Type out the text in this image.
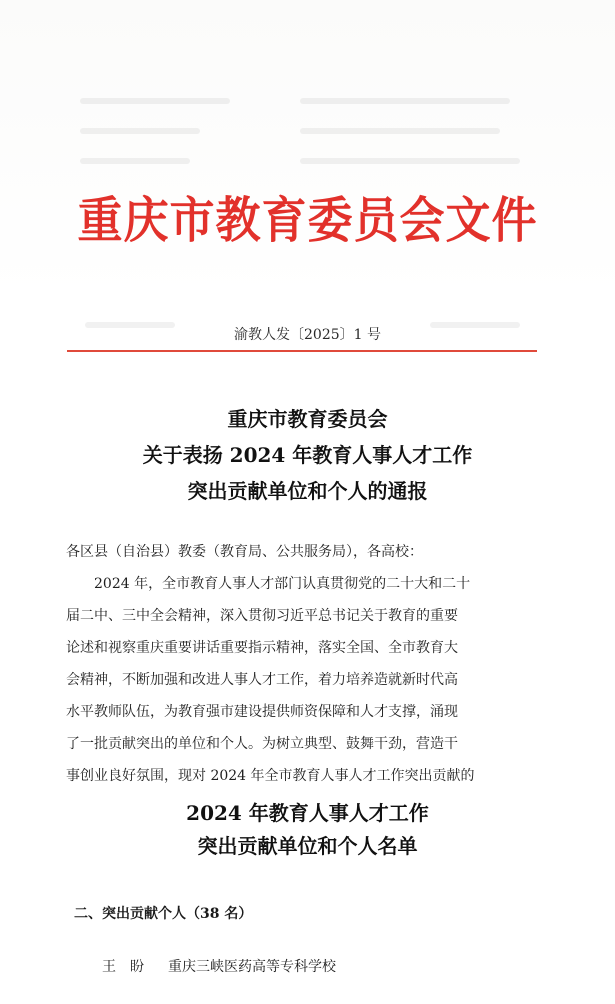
重庆市教育委员会文件
渝教人发〔2025〕1 号
重庆市教育委员会
关于表扬 2024 年教育人事人才工作
突出贡献单位和个人的通报
各区县（自治县）教委（教育局、公共服务局），各高校：
2024 年，全市教育人事人才部门认真贯彻党的二十大和二十
届二中、三中全会精神，深入贯彻习近平总书记关于教育的重要
论述和视察重庆重要讲话重要指示精神，落实全国、全市教育大
会精神，不断加强和改进人事人才工作，着力培养造就新时代高
水平教师队伍，为教育强市建设提供师资保障和人才支撑，涌现
了一批贡献突出的单位和个人。为树立典型、鼓舞干劲，营造干
事创业良好氛围，现对 2024 年全市教育人事人才工作突出贡献的
2024 年教育人事人才工作
突出贡献单位和个人名单
二、突出贡献个人（38 名）
王　盼 重庆三峡医药高等专科学校
